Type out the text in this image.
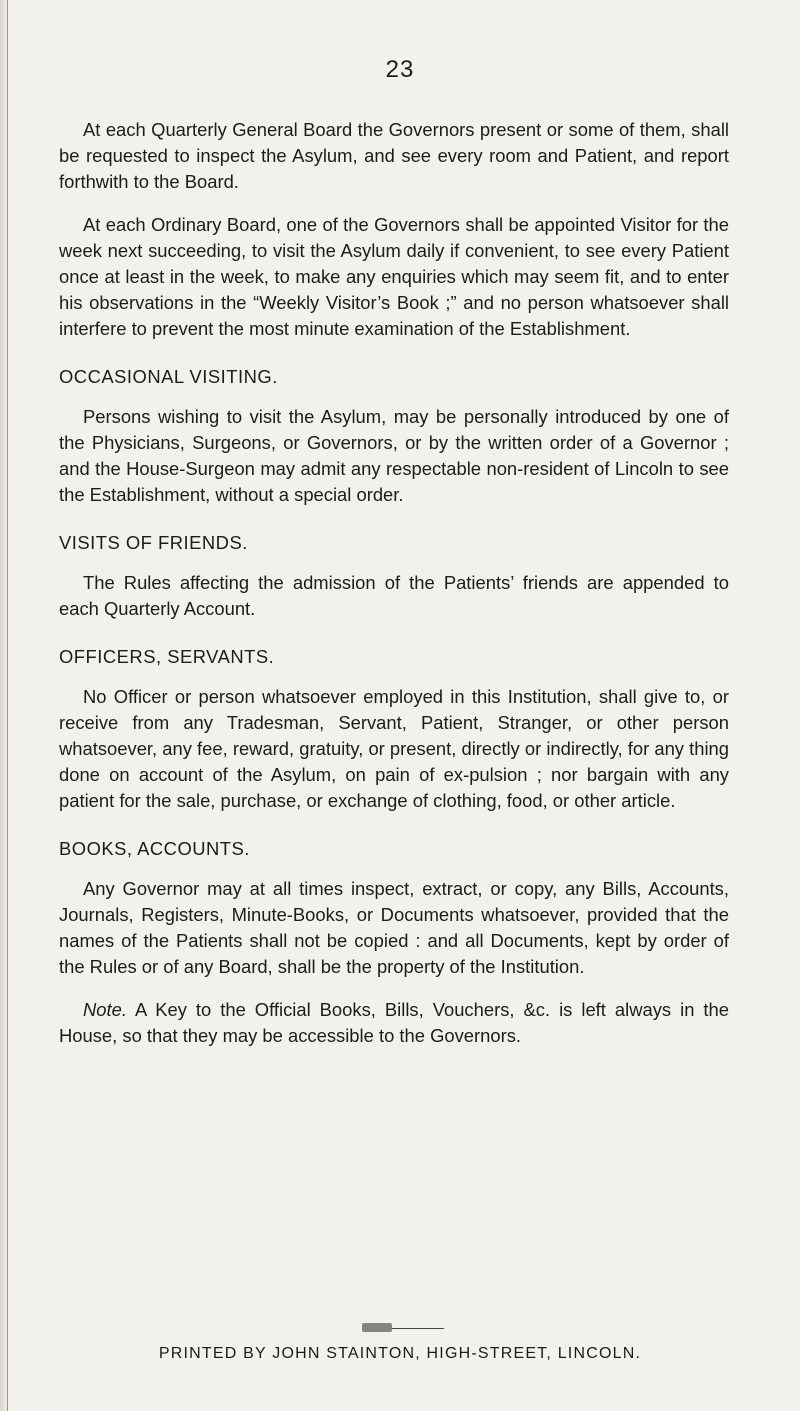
23

At each Quarterly General Board the Governors present or some of them, shall be requested to inspect the Asylum, and see every room and Patient, and report forthwith to the Board.

At each Ordinary Board, one of the Governors shall be appointed Visitor for the week next succeeding, to visit the Asylum daily if convenient, to see every Patient once at least in the week, to make any enquiries which may seem fit, and to enter his observations in the “Weekly Visitor’s Book ;” and no person whatsoever shall interfere to prevent the most minute examination of the Establishment.

OCCASIONAL VISITING.

Persons wishing to visit the Asylum, may be personally introduced by one of the Physicians, Surgeons, or Governors, or by the written order of a Governor ; and the House-Surgeon may admit any respectable non-resident of Lincoln to see the Establishment, without a special order.

VISITS OF FRIENDS.

The Rules affecting the admission of the Patients’ friends are appended to each Quarterly Account.

OFFICERS, SERVANTS.

No Officer or person whatsoever employed in this Institution, shall give to, or receive from any Tradesman, Servant, Patient, Stranger, or other person whatsoever, any fee, reward, gratuity, or present, directly or indirectly, for any thing done on account of the Asylum, on pain of ex-pulsion ; nor bargain with any patient for the sale, purchase, or exchange of clothing, food, or other article.

BOOKS, ACCOUNTS.

Any Governor may at all times inspect, extract, or copy, any Bills, Accounts, Journals, Registers, Minute-Books, or Documents whatsoever, provided that the names of the Patients shall not be copied : and all Documents, kept by order of the Rules or of any Board, shall be the property of the Institution.

Note. A Key to the Official Books, Bills, Vouchers, &c. is left always in the House, so that they may be accessible to the Governors.

PRINTED BY JOHN STAINTON, HIGH-STREET, LINCOLN.
